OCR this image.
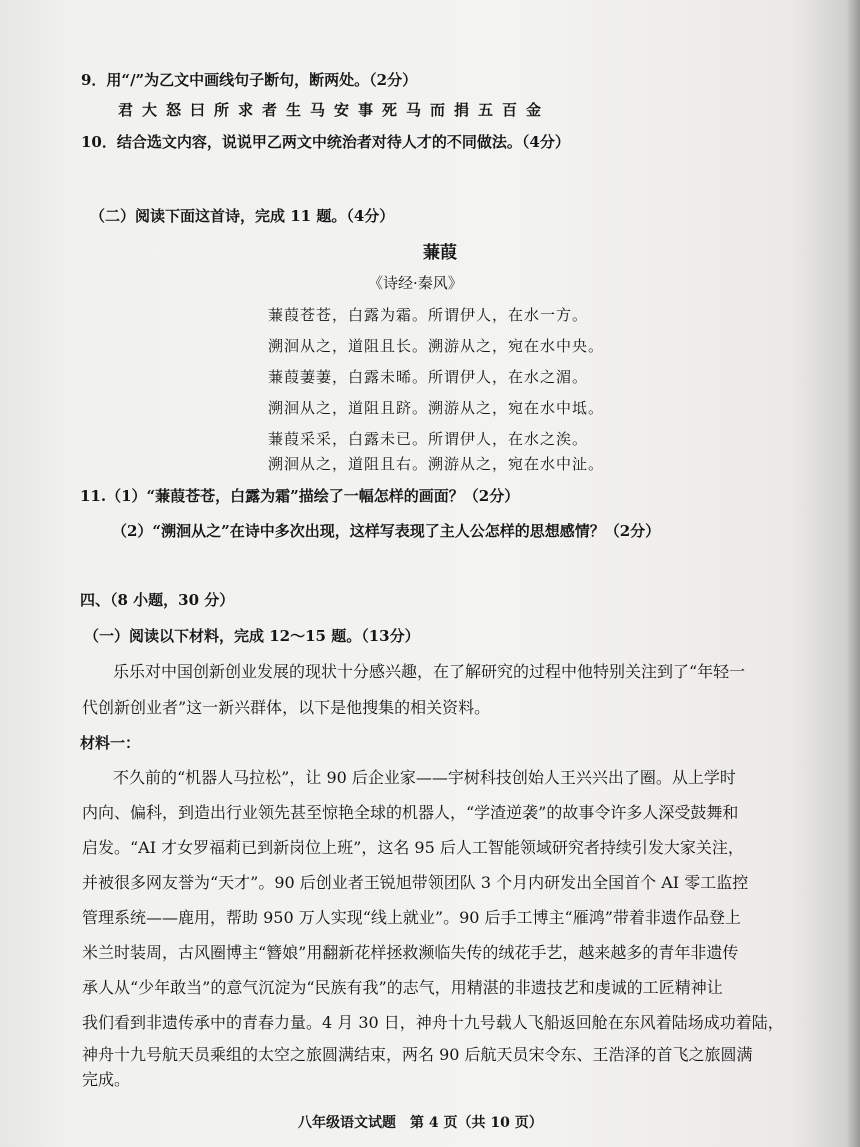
9．用“/”为乙文中画线句子断句，断两处。（2分）
君大怒曰所求者生马安事死马而捐五百金
10．结合选文内容，说说甲乙两文中统治者对待人才的不同做法。（4分）
（二）阅读下面这首诗，完成 11 题。（4分）
蒹葭
《诗经·秦风》
蒹葭苍苍，白露为霜。所谓伊人，在水一方。
溯洄从之，道阻且长。溯游从之，宛在水中央。
蒹葭萋萋，白露未晞。所谓伊人，在水之湄。
溯洄从之，道阻且跻。溯游从之，宛在水中坻。
蒹葭采采，白露未已。所谓伊人，在水之涘。
溯洄从之，道阻且右。溯游从之，宛在水中沚。
11.（1）“蒹葭苍苍，白露为霜”描绘了一幅怎样的画面？（2分）
（2）“溯洄从之”在诗中多次出现，这样写表现了主人公怎样的思想感情？（2分）
四、（8 小题，30 分）
（一）阅读以下材料，完成 12～15 题。（13分）
乐乐对中国创新创业发展的现状十分感兴趣，在了解研究的过程中他特别关注到了“年轻一
代创新创业者”这一新兴群体，以下是他搜集的相关资料。
材料一：
不久前的“机器人马拉松”，让 90 后企业家——宇树科技创始人王兴兴出了圈。从上学时
内向、偏科，到造出行业领先甚至惊艳全球的机器人，“学渣逆袭”的故事令许多人深受鼓舞和
启发。“AI 才女罗福莉已到新岗位上班”，这名 95 后人工智能领域研究者持续引发大家关注，
并被很多网友誉为“天才”。90 后创业者王锐旭带领团队 3 个月内研发出全国首个 AI 零工监控
管理系统——鹿用，帮助 950 万人实现“线上就业”。90 后手工博主“雁鸿”带着非遗作品登上
米兰时装周，古风圈博主“簪娘”用翻新花样拯救濒临失传的绒花手艺，越来越多的青年非遗传
承人从“少年敢当”的意气沉淀为“民族有我”的志气，用精湛的非遗技艺和虔诚的工匠精神让
我们看到非遗传承中的青春力量。4 月 30 日，神舟十九号载人飞船返回舱在东风着陆场成功着陆，
神舟十九号航天员乘组的太空之旅圆满结束，两名 90 后航天员宋令东、王浩泽的首飞之旅圆满
完成。
八年级语文试题　第 4 页（共 10 页）
